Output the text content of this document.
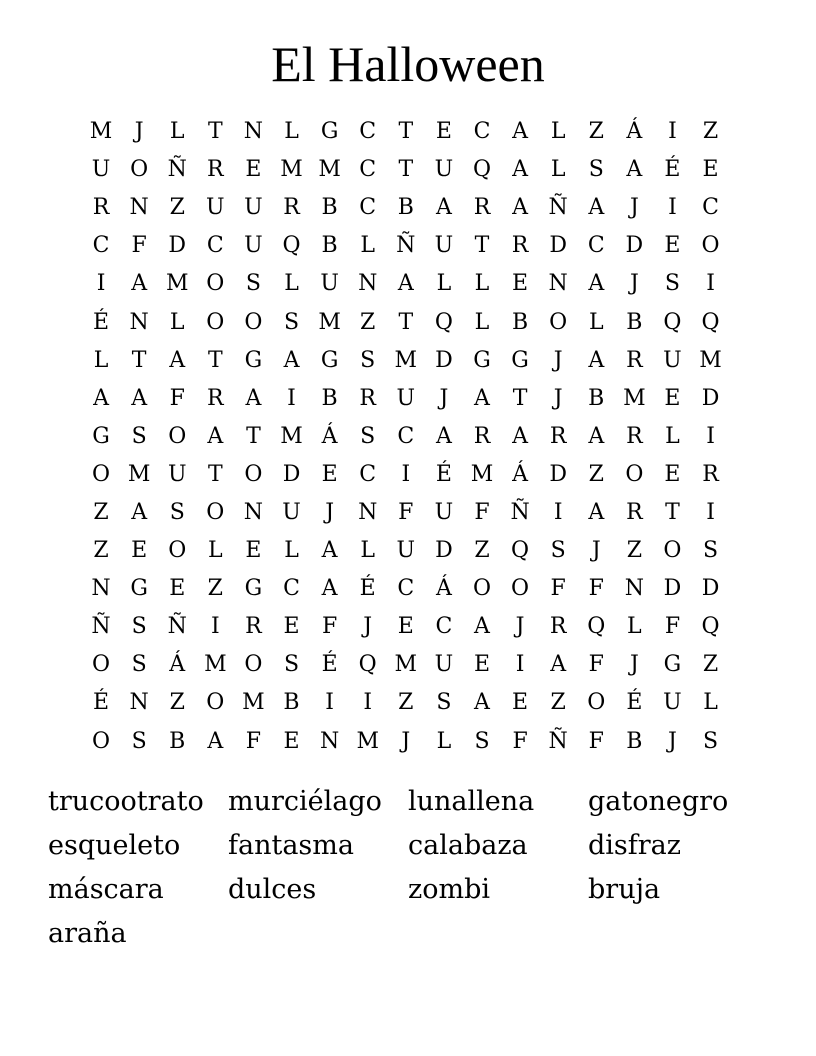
El Halloween
M	J	L	T N L	G C	T	E C A	L	Z	Á	I	Z
U O Ñ R E M M C	T U Q A	L	S	A	É	E
R N Z U U R B C B	A R A Ñ A	J	I	C
C	F D C U Q B	L Ñ U T	R D C D E O
I	A M O S	L U N A	L	L	E N A	J	S	I
É N L O O S M Z	T Q L	B O L	B Q Q
L	T	A	T G A G S M D G G	J	A R U M
A	A	F	R A	I	B R U	J	A	T	J	B M E D
G S O A	T M Á	S	C A R A R A R	L	I
O M U T O D E C	I	É M Á D Z O E R
Z	A	S O N U	J	N F U F Ñ	I	A R	T	I
Z	E O L	E	L	A	L U D Z Q S	J	Z O S
N G E	Z G C A	É C Á O O F	F N D D
Ñ S Ñ	I	R E	F	J	E C A	J	R Q L	F Q
O S	Á M O S	É Q M U E	I	A	F	J	G Z
É N Z O M B	I	I	Z	S	A	E	Z O É U L
O S	B	A	F	E N M	J	L	S	F Ñ F	B	J	S
trucootrato murciélago lunallena	gatonegro
esqueleto	fantasma	calabaza	disfraz
máscara	dulces	zombi	bruja
araña
